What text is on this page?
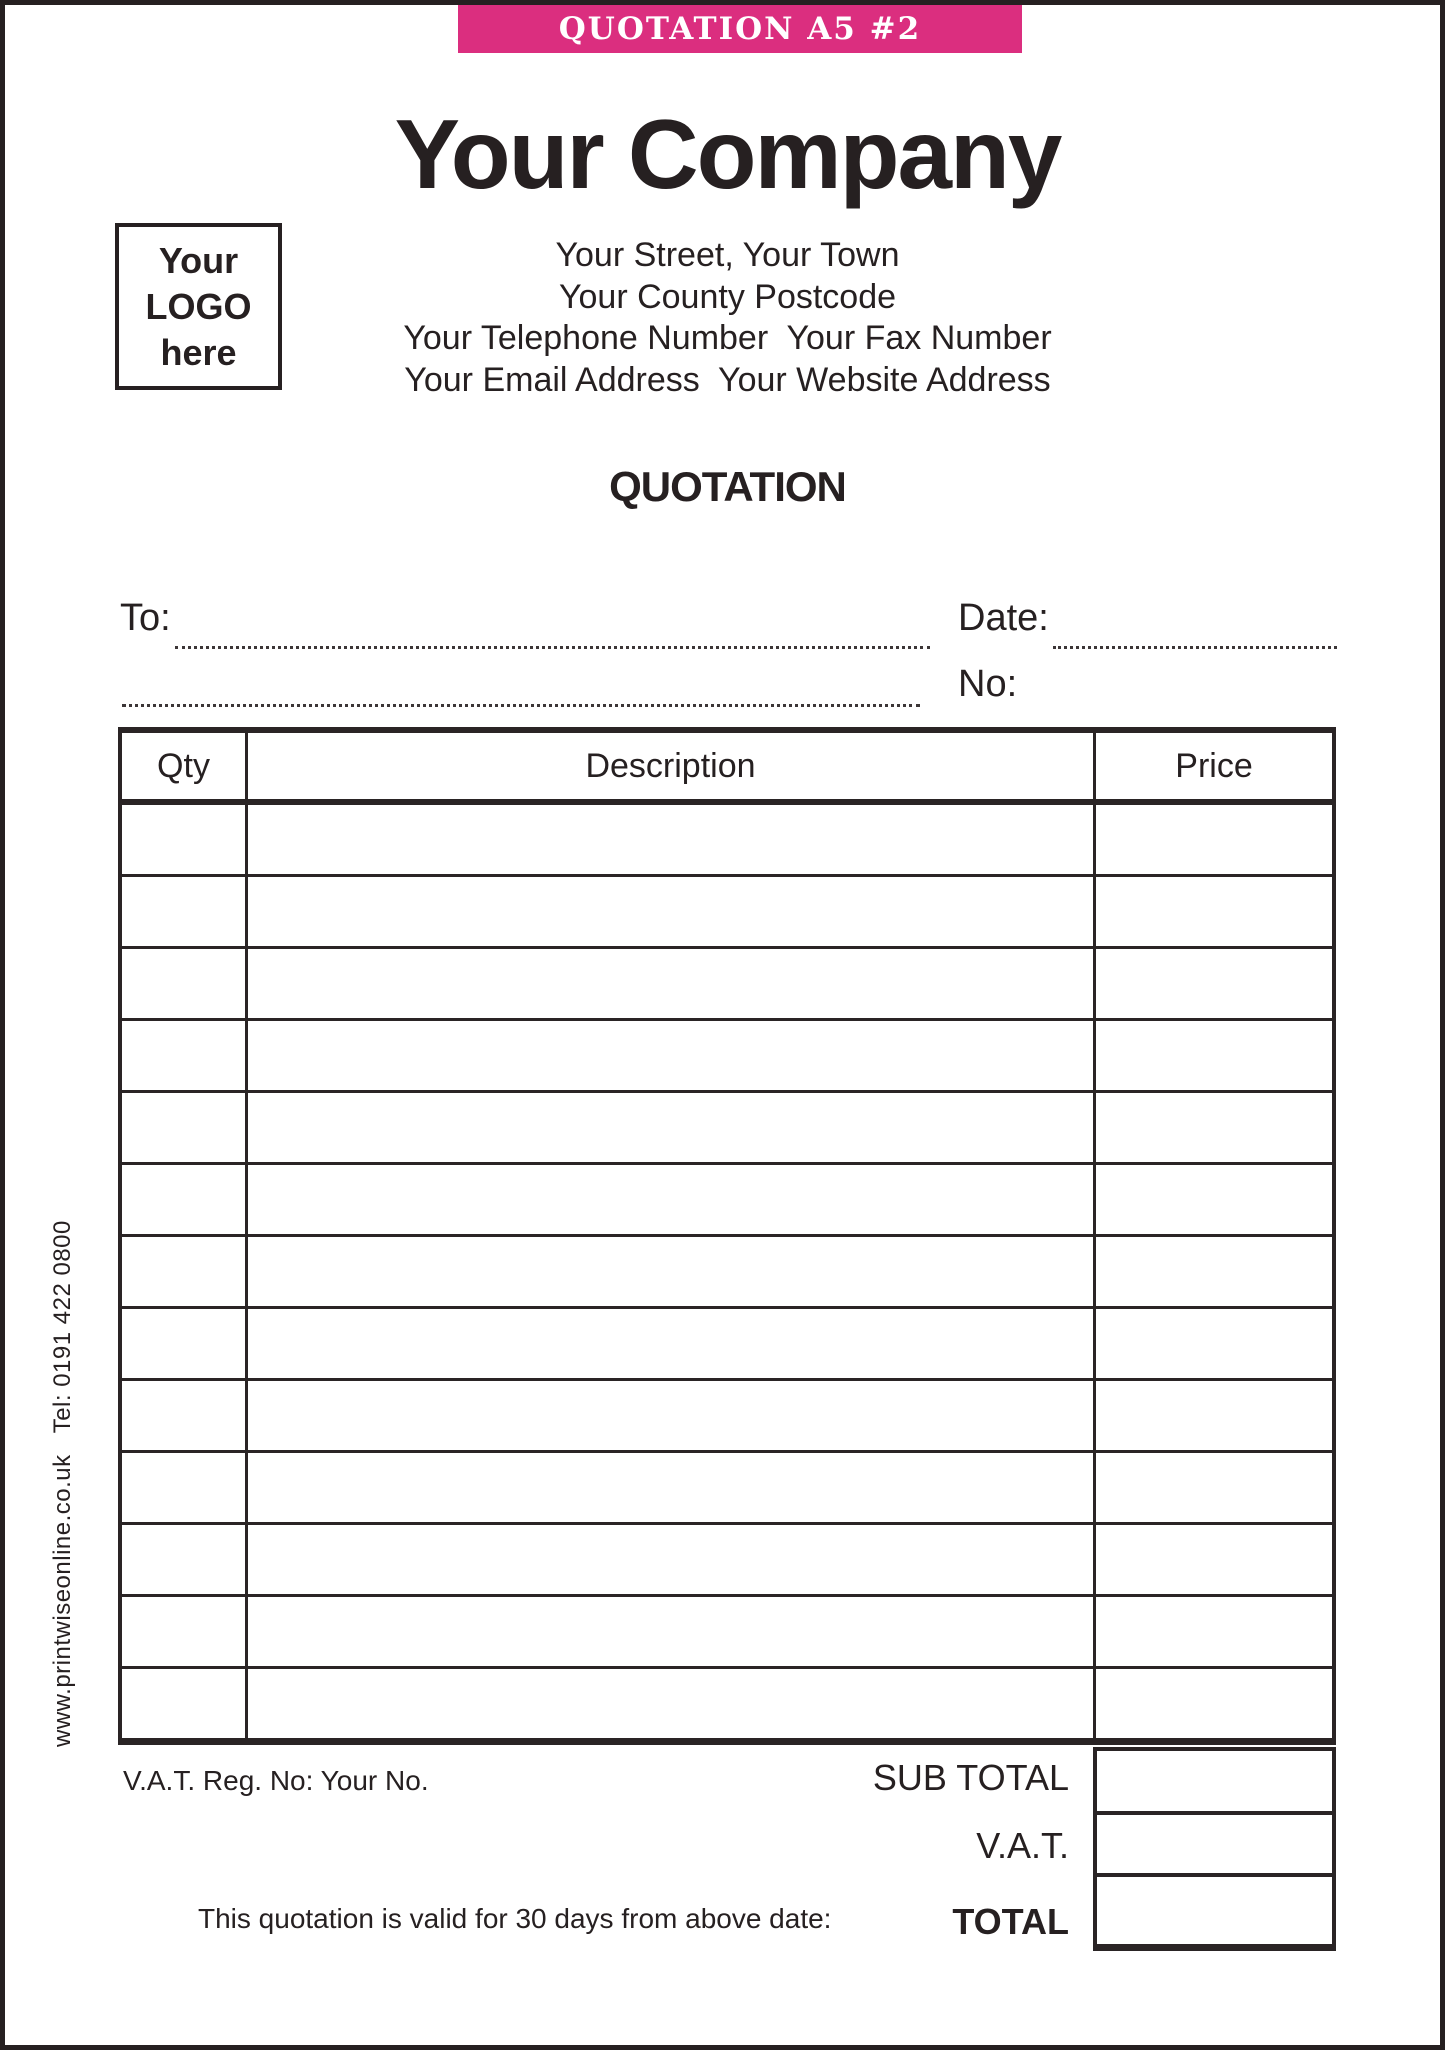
QUOTATION A5 #2
Your Company
Your
LOGO
here
Your Street, Your Town
Your County Postcode
Your Telephone Number  Your Fax Number
Your Email Address  Your Website Address
QUOTATION
To:	Date:
No:
Qty	Description	Price
SUB TOTAL
V.A.T.
TOTAL
V.A.T. Reg. No: Your No.
This quotation is valid for 30 days from above date:
www.printwiseonline.co.uk   Tel: 0191 422 0800
